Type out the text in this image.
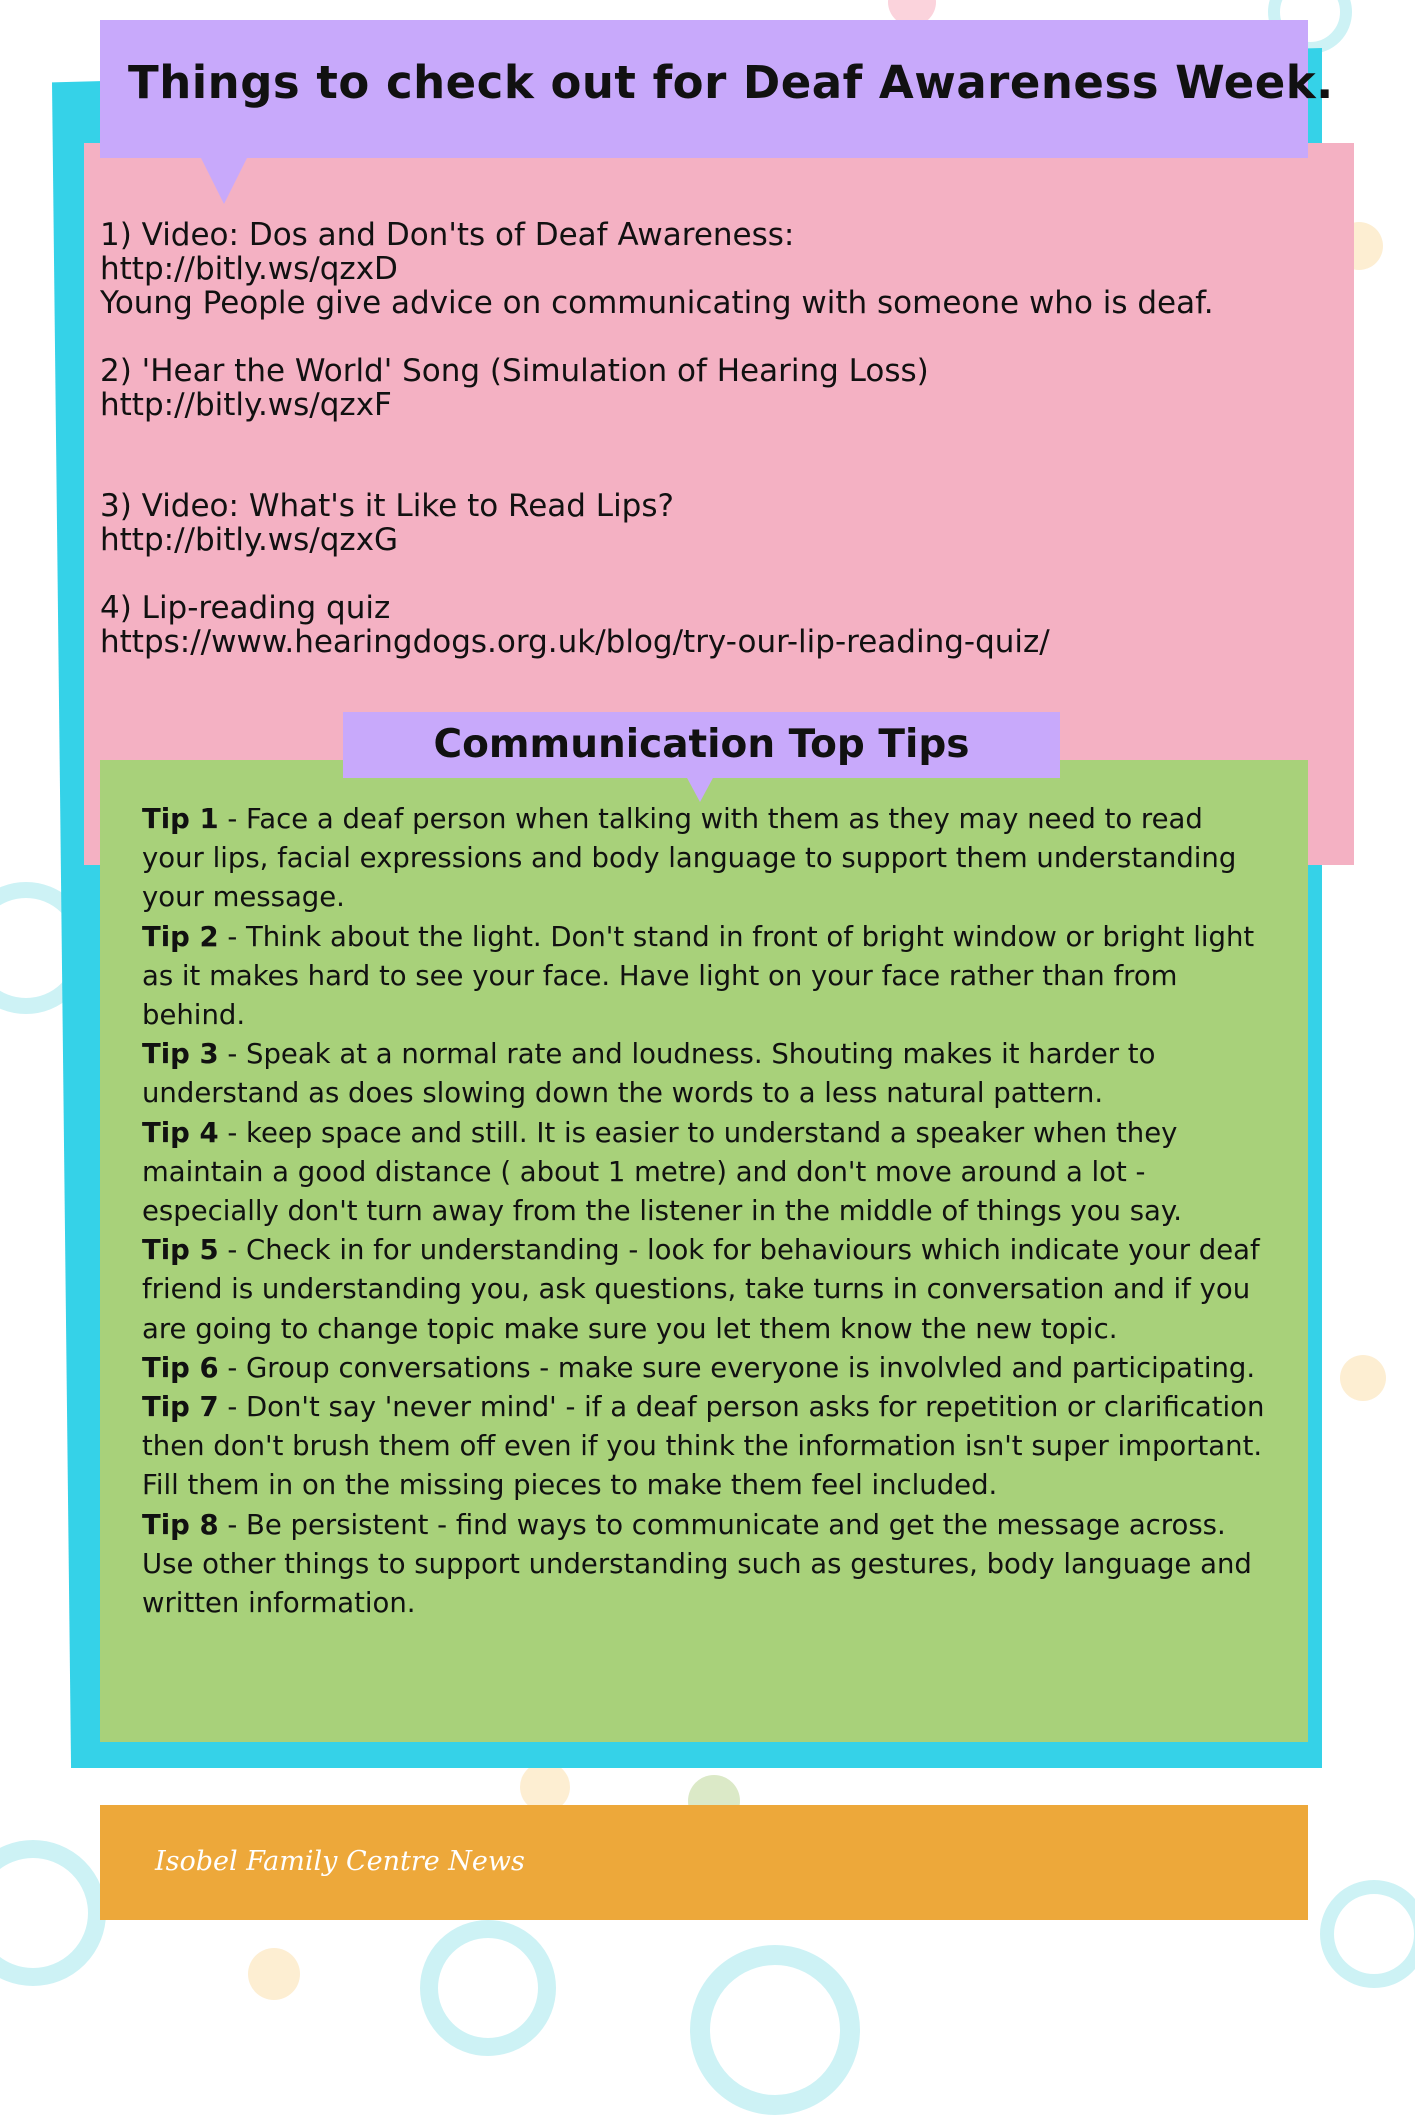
Things to check out for Deaf Awareness Week.
1) Video: Dos and Don'ts of Deaf Awareness:
http://bitly.ws/qzxD
Young People give advice on communicating with someone who is deaf.
2) 'Hear the World' Song (Simulation of Hearing Loss)
http://bitly.ws/qzxF
3) Video: What's it Like to Read Lips?
http://bitly.ws/qzxG
4) Lip-reading quiz
https://www.hearingdogs.org.uk/blog/try-our-lip-reading-quiz/
Communication Top Tips

Tip 1 - Face a deaf person when talking with them as they may need to read your lips, facial expressions and body language to support them understanding your message.

Tip 2 - Think about the light. Don't stand in front of bright window or bright light as it makes hard to see your face. Have light on your face rather than from behind.

Tip 3 - Speak at a normal rate and loudness. Shouting makes it harder to understand as does slowing down the words to a less natural pattern.

Tip 4 - keep space and still. It is easier to understand a speaker when they maintain a good distance ( about 1 metre) and don't move around a lot - especially don't turn away from the listener in the middle of things you say.

Tip 5 - Check in for understanding - look for behaviours which indicate your deaf friend is understanding you, ask questions, take turns in conversation and if you are going to change topic make sure you let them know the new topic.

Tip 6 - Group conversations - make sure everyone is involvled and participating.

Tip 7 - Don't say 'never mind' - if a deaf person asks for repetition or clarification then don't brush them off even if you think the information isn't super important. Fill them in on the missing pieces to make them feel included.

Tip 8 - Be persistent - find ways to communicate and get the message across. Use other things to support understanding such as gestures, body language and written information.

Isobel Family Centre News
